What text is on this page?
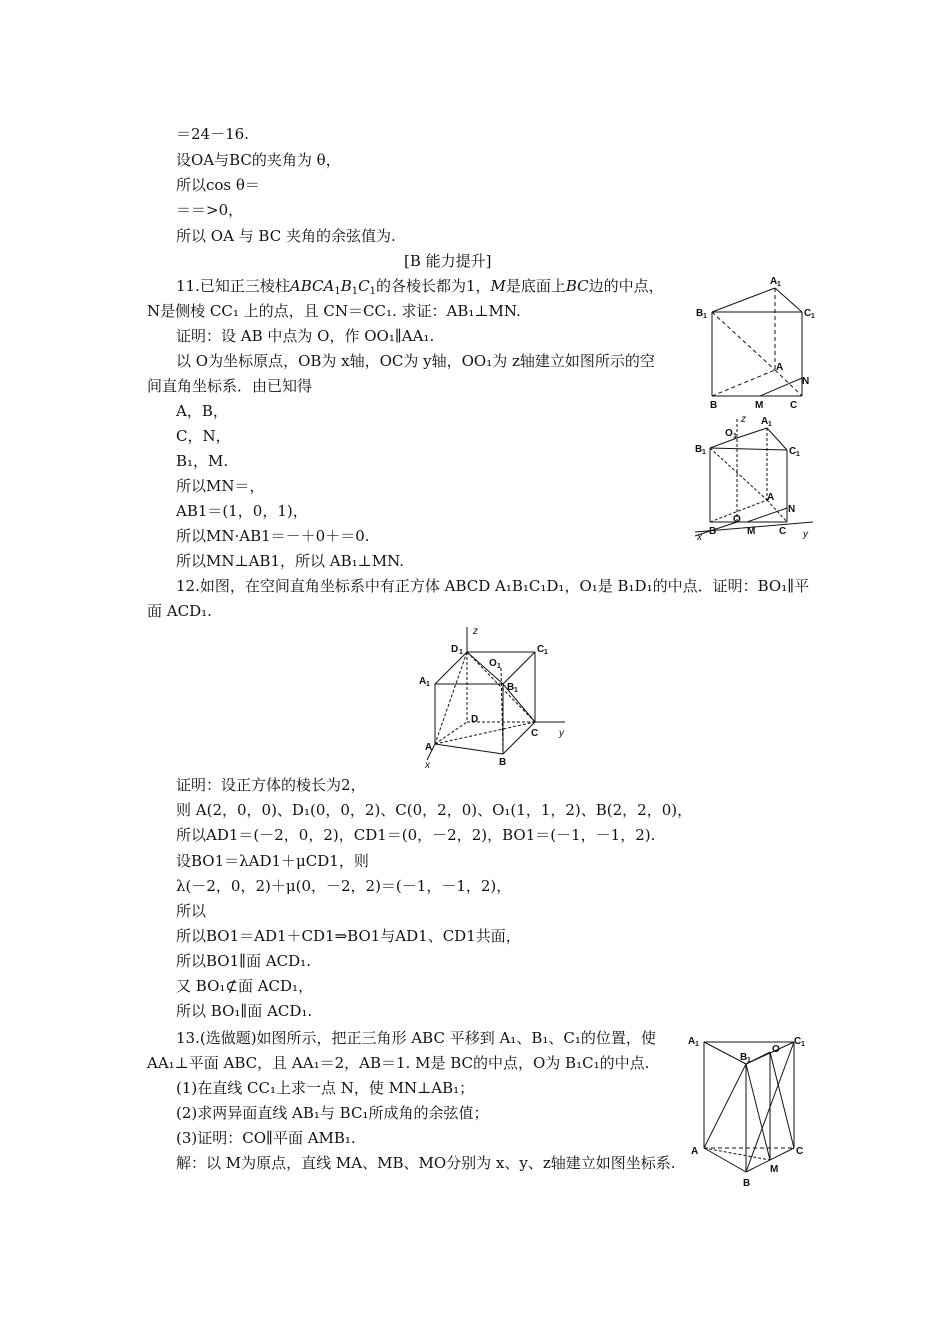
＝24－16.
设OA与BC的夹角为 θ，
所以cos θ＝
＝＝>0，
所以 OA 与 BC 夹角的余弦值为.
[B 能力提升]
11.已知正三棱柱$ABCA_1B_1C_1$的各棱长都为1，M是底面上BC边的中点，
N是侧棱 CC₁ 上的点，且 CN＝CC₁. 求证：AB₁⊥MN.
证明：设 AB 中点为 O，作 OO₁∥AA₁.
以 O为坐标原点，OB为 x轴，OC为 y轴，OO₁为 z轴建立如图所示的空
间直角坐标系．由已知得
A，B，
C，N，
B₁，M.
所以MN＝，
AB1＝(1，0，1)，
所以MN·AB1＝－＋0＋＝0.
所以MN⊥AB1，所以 AB₁⊥MN.
12.如图，在空间直角坐标系中有正方体 ABCD A₁B₁C₁D₁，O₁是 B₁D₁的中点．证明：BO₁∥平
面 ACD₁.
证明：设正方体的棱长为2，
则 A(2，0，0)、D₁(0，0，2)、C(0，2，0)、O₁(1，1，2)、B(2，2，0)，
所以AD1＝(－2，0，2)，CD1＝(0，－2，2)，BO1＝(－1，－1，2).
设BO1＝λAD1＋μCD1，则
λ(－2，0，2)＋μ(0，－2，2)＝(－1，－1，2)，
所以
所以BO1＝AD1＋CD1⇒BO1与AD1、CD1共面，
所以BO1∥面 ACD₁.
又 BO₁⊄面 ACD₁，
所以 BO₁∥面 ACD₁.
13.(选做题)如图所示，把正三角形 ABC 平移到 A₁、B₁、C₁的位置，使
AA₁⊥平面 ABC，且 AA₁＝2，AB＝1. M是 BC的中点，O为 B₁C₁的中点.
(1)在直线 CC₁上求一点 N，使 MN⊥AB₁；
(2)求两异面直线 AB₁与 BC₁所成角的余弦值；
(3)证明：CO∥平面 AMB₁.
解：以 M为原点，直线 MA、MB、MO分别为 x、y、z轴建立如图坐标系.
A 1
B 1	C 1
A
N
B	M	C
z
O 1
A 1
B 1	C 1
A
N
O
x
B	M C y
z
D 1
O 1
C 1
A 1	B 1
D
A
C y
B
x
A 1
B 1
O
C 1
A	C
M
B
